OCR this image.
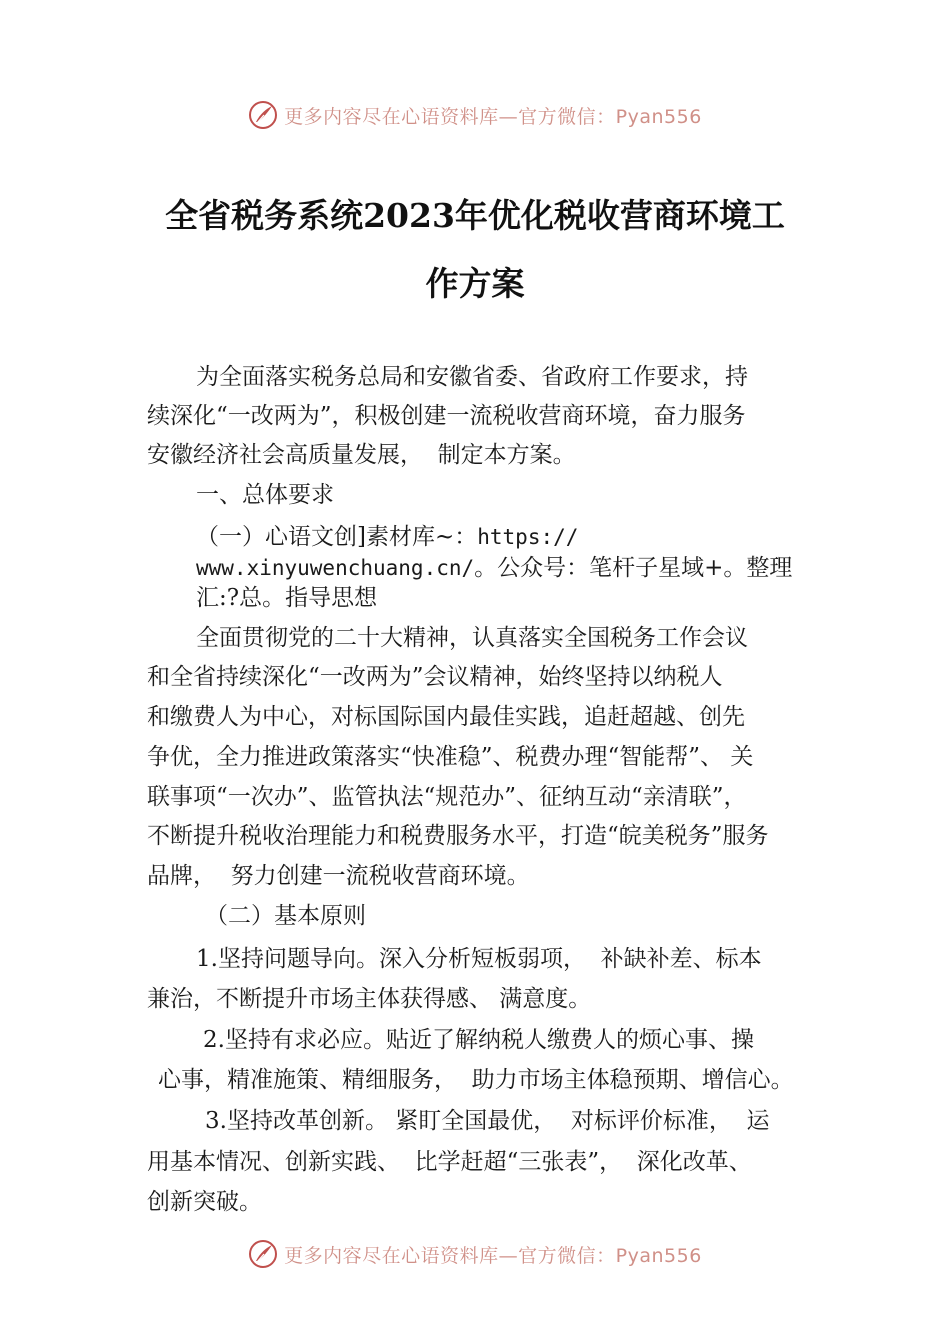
更多内容尽在心语资料库—官方微信：Pyan556
全省税务系统2023年优化税收营商环境工
作方案
为全面落实税务总局和安徽省委、省政府工作要求，持
续深化“一改两为”，积极创建一流税收营商环境，奋力服务
安徽经济社会高质量发展，  制定本方案。
一、总体要求
（一）心语文创]素材库~：https://
www.xinyuwenchuang.cn/。公众号：笔杆子星域+。整理
汇:?总。指导思想
全面贯彻党的二十大精神，认真落实全国税务工作会议
和全省持续深化“一改两为”会议精神，始终坚持以纳税人
和缴费人为中心，对标国际国内最佳实践，追赶超越、创先
争优，全力推进政策落实“快准稳”、税费办理“智能帮”、 关
联事项“一次办”、监管执法“规范办”、征纳互动“亲清联”，
不断提升税收治理能力和税费服务水平，打造“皖美税务”服务
品牌，  努力创建一流税收营商环境。
（二）基本原则
1.坚持问题导向。深入分析短板弱项，  补缺补差、标本
兼治，不断提升市场主体获得感、 满意度。
2.坚持有求必应。贴近了解纳税人缴费人的烦心事、操
心事，精准施策、精细服务，  助力市场主体稳预期、增信心。
3.坚持改革创新。 紧盯全国最优，  对标评价标准，  运
用基本情况、创新实践、  比学赶超“三张表”，  深化改革、
创新突破。
更多内容尽在心语资料库—官方微信：Pyan556
